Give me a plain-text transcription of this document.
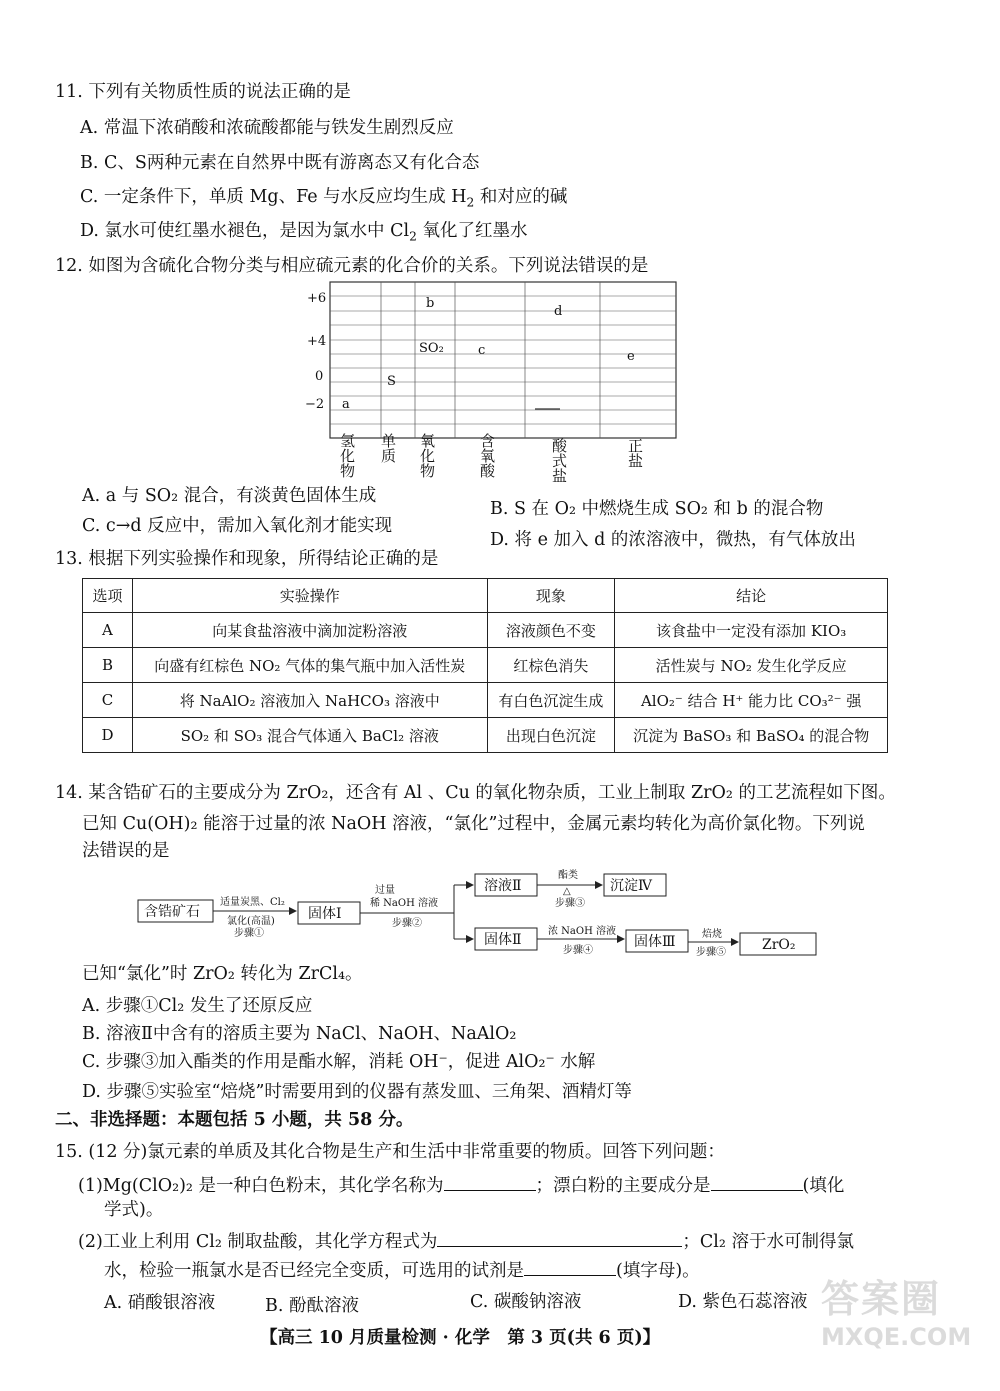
11. 下列有关物质性质的说法正确的是
A. 常温下浓硝酸和浓硫酸都能与铁发生剧烈反应
B. C、S两种元素在自然界中既有游离态又有化合态
C. 一定条件下，单质 Mg、Fe 与水反应均生成 $H_2$ 和对应的碱
D. 氯水可使红墨水褪色，是因为氯水中 $Cl_2$ 氧化了红墨水
12. 如图为含硫化合物分类与相应硫元素的化合价的关系。下列说法错误的是
+6
+4
0
−2
b
d
SO₂	c	e
S
a
氢化物 单质 氧化物	含氧酸	酸式盐	正盐
A. a 与 SO₂ 混合，有淡黄色固体生成
B. S 在 O₂ 中燃烧生成 SO₂ 和 b 的混合物
C. c→d 反应中，需加入氧化剂才能实现
D. 将 e 加入 d 的浓溶液中，微热，有气体放出
13. 根据下列实验操作和现象，所得结论正确的是
选项	实验操作	现象	结论
A	向某食盐溶液中滴加淀粉溶液	溶液颜色不变	该食盐中一定没有添加 KIO₃
B	向盛有红棕色 NO₂ 气体的集气瓶中加入活性炭	红棕色消失	活性炭与 NO₂ 发生化学反应
C	将 NaAlO₂ 溶液加入 NaHCO₃ 溶液中	有白色沉淀生成	AlO₂⁻ 结合 H⁺ 能力比 CO₃²⁻ 强
D	SO₂ 和 SO₃ 混合气体通入 BaCl₂ 溶液	出现白色沉淀	沉淀为 BaSO₃ 和 BaSO₄ 的混合物
14. 某含锆矿石的主要成分为 ZrO₂，还含有 Al 、Cu 的氧化物杂质，工业上制取 ZrO₂ 的工艺流程如下图。
已知 Cu(OH)₂ 能溶于过量的浓 NaOH 溶液，“氯化”过程中，金属元素均转化为高价氯化物。下列说
法错误的是
含锆矿石	固体Ⅰ
溶液Ⅱ	沉淀Ⅳ
固体Ⅱ	固体Ⅲ	ZrO₂
适量炭黑、Cl₂
氯化(高温)
步骤①
过量
稀 NaOH 溶液
步骤②
酯类
△
步骤③
浓 NaOH 溶液
步骤④
焙烧
步骤⑤
已知“氯化”时 ZrO₂ 转化为 ZrCl₄。
A. 步骤①Cl₂ 发生了还原反应
B. 溶液Ⅱ中含有的溶质主要为 NaCl、NaOH、NaAlO₂
C. 步骤③加入酯类的作用是酯水解，消耗 OH⁻，促进 AlO₂⁻ 水解
D. 步骤⑤实验室“焙烧”时需要用到的仪器有蒸发皿、三角架、酒精灯等
二、非选择题：本题包括 5 小题，共 58 分。
15. (12 分)氯元素的单质及其化合物是生产和生活中非常重要的物质。回答下列问题：
(1)Mg(ClO₂)₂ 是一种白色粉末，其化学名称为	；漂白粉的主要成分是	(填化
学式)。
(2)工业上利用 Cl₂ 制取盐酸，其化学方程式为	；Cl₂ 溶于水可制得氯
水，检验一瓶氯水是否已经完全变质，可选用的试剂是	(填字母)。
A. 硝酸银溶液	B. 酚酞溶液	C. 碳酸钠溶液	D. 紫色石蕊溶液
【高三 10 月质量检测 · 化学　第 3 页(共 6 页)】
答案圈
MXQE.COM
